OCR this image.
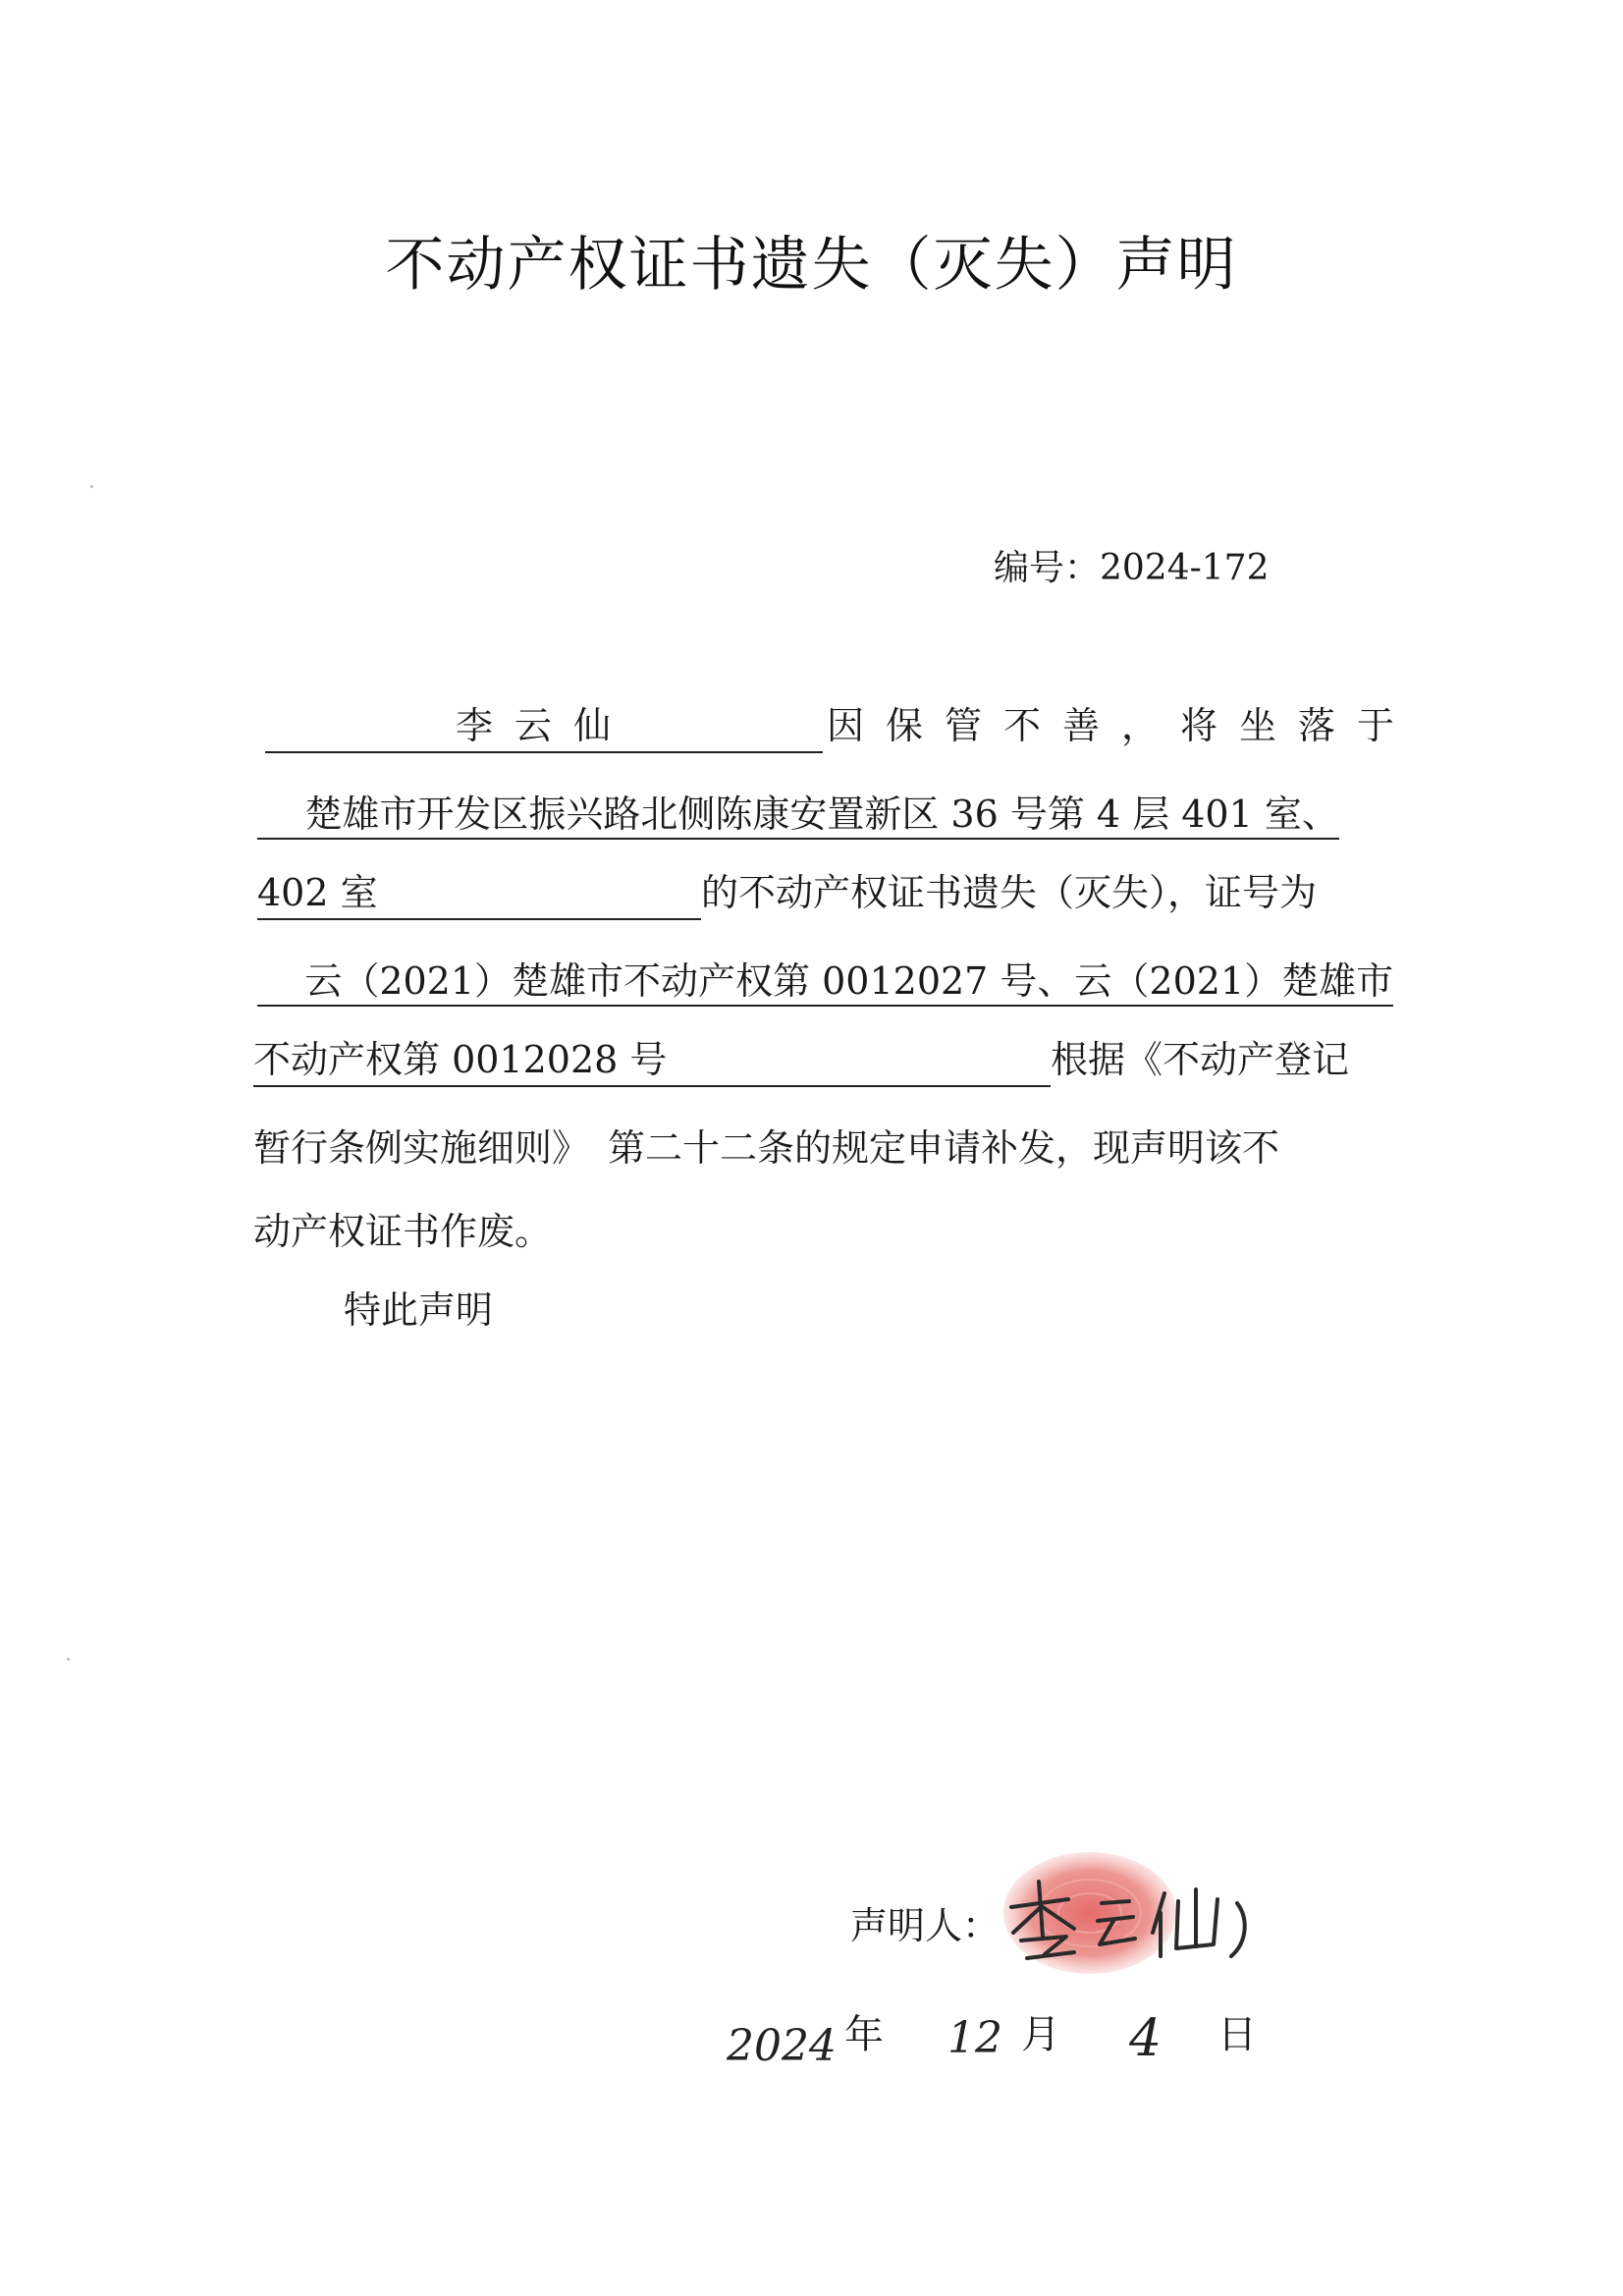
不动产权证书遗失（灭失）声明
编号：2024-172
李云仙	因保管不善，将坐落于
楚雄市开发区振兴路北侧陈康安置新区 36 号第 4 层 401 室、
402 室	的不动产权证书遗失（灭失），证号为
云（2021）楚雄市不动产权第 0012027 号、云（2021）楚雄市
不动产权第 0012028 号	根据《不动产登记
暂行条例实施细则》　第二十二条的规定申请补发，现声明该不
动产权证书作废。
特此声明
声明人：
2024 年 12 月 4 日
